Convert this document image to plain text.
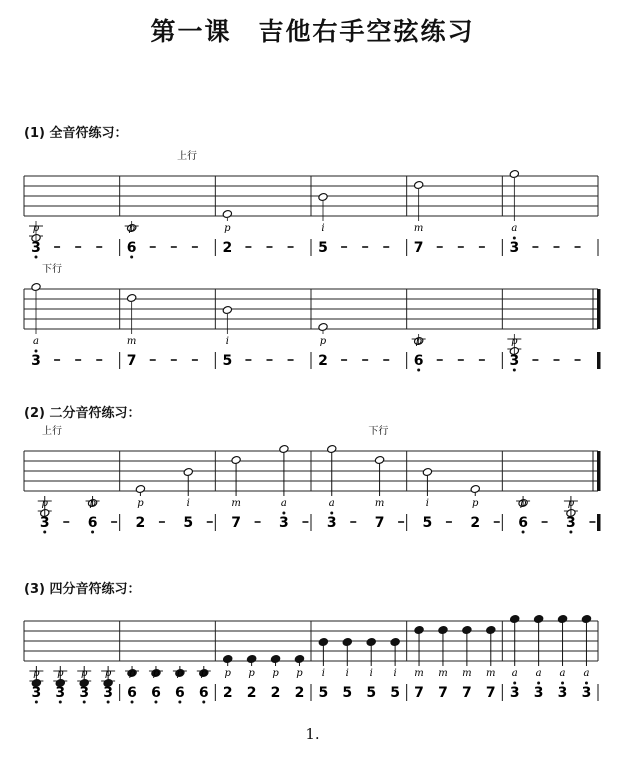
第一课　吉他右手空弦练习
(1) 全音符练习：
上行
p
3
p
6
p
2
i
5
m
7
a
3
下行
a
3
m
7
i
5
p
2
p
6
p
3
(2) 二分音符练习：
上行	下行
p
3
p
6
p
2
i
5
m
7
a
3
a
3
m
7
i
5
p
2
p
6
p
3
(3) 四分音符练习：
p
3
p
3
p
3
p
3
p
6
p
6
p
6
p
6
p
2
p
2
p
2
p
2
i
5
i
5
i
5
i
5
m
7
m
7
m
7
m
7
a
3
a
3
a
3
a
3
1.
